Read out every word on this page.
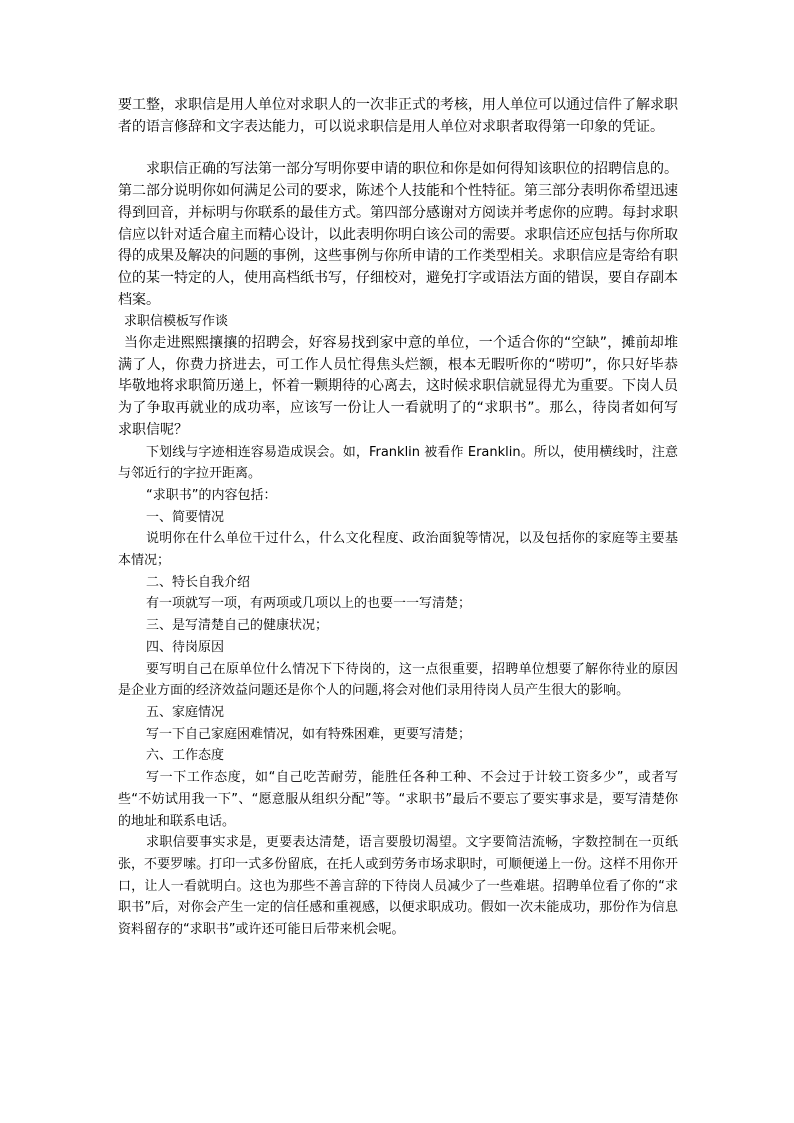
要工整，求职信是用人单位对求职人的一次非正式的考核，用人单位可以通过信件了解求职者的语言修辞和文字表达能力，可以说求职信是用人单位对求职者取得第一印象的凭证。

求职信正确的写法第一部分写明你要申请的职位和你是如何得知该职位的招聘信息的。第二部分说明你如何满足公司的要求，陈述个人技能和个性特征。第三部分表明你希望迅速得到回音，并标明与你联系的最佳方式。第四部分感谢对方阅读并考虑你的应聘。每封求职信应以针对适合雇主而精心设计，以此表明你明白该公司的需要。求职信还应包括与你所取得的成果及解决的问题的事例，这些事例与你所申请的工作类型相关。求职信应是寄给有职位的某一特定的人，使用高档纸书写，仔细校对，避免打字或语法方面的错误，要自存副本档案。

求职信模板写作谈

当你走进熙熙攘攘的招聘会，好容易找到家中意的单位，一个适合你的“空缺”，摊前却堆满了人，你费力挤进去，可工作人员忙得焦头烂额，根本无暇听你的“唠叨”，你只好毕恭毕敬地将求职简历递上，怀着一颗期待的心离去，这时候求职信就显得尤为重要。下岗人员为了争取再就业的成功率，应该写一份让人一看就明了的“求职书”。那么，待岗者如何写求职信呢？

下划线与字迹相连容易造成误会。如，Franklin 被看作 Eranklin。所以，使用横线时，注意与邻近行的字拉开距离。

“求职书”的内容包括：

一、简要情况

说明你在什么单位干过什么，什么文化程度、政治面貌等情况，以及包括你的家庭等主要基本情况；

二、特长自我介绍

有一项就写一项，有两项或几项以上的也要一一写清楚；

三、是写清楚自己的健康状况；

四、待岗原因

要写明自己在原单位什么情况下下待岗的，这一点很重要，招聘单位想要了解你待业的原因是企业方面的经济效益问题还是你个人的问题,将会对他们录用待岗人员产生很大的影响。

五、家庭情况

写一下自己家庭困难情况，如有特殊困难，更要写清楚；

六、工作态度

写一下工作态度，如“自己吃苦耐劳，能胜任各种工种、不会过于计较工资多少”，或者写些“不妨试用我一下”、“愿意服从组织分配”等。“求职书”最后不要忘了要实事求是，要写清楚你的地址和联系电话。

求职信要事实求是，更要表达清楚，语言要殷切渴望。文字要简洁流畅，字数控制在一页纸张，不要罗嗦。打印一式多份留底，在托人或到劳务市场求职时，可顺便递上一份。这样不用你开口，让人一看就明白。这也为那些不善言辞的下待岗人员减少了一些难堪。招聘单位看了你的“求职书”后，对你会产生一定的信任感和重视感，以便求职成功。假如一次未能成功，那份作为信息资料留存的“求职书”或许还可能日后带来机会呢。
